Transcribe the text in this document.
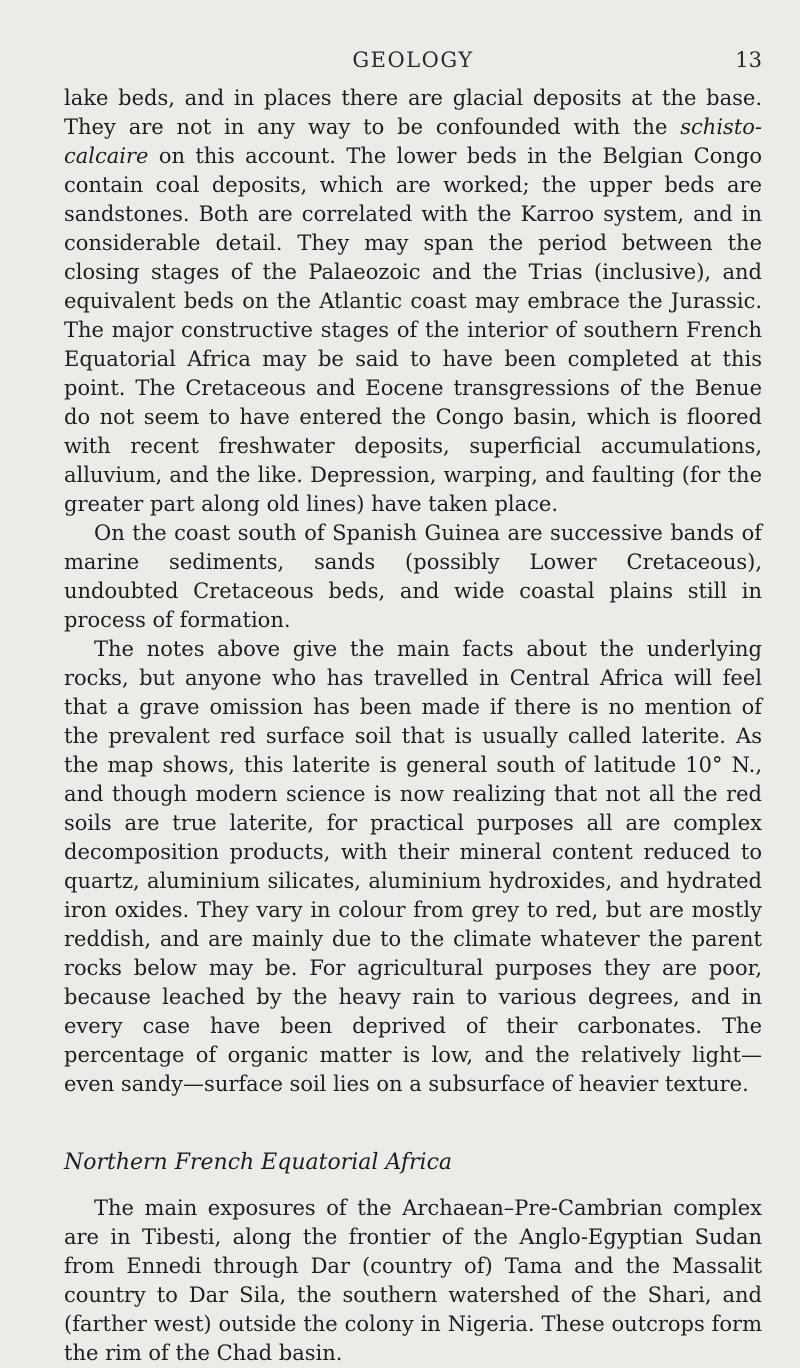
GEOLOGY	13

lake beds, and in places there are glacial deposits at the base. They are not in any way to be confounded with the schisto-calcaire on this account. The lower beds in the Belgian Congo contain coal deposits, which are worked; the upper beds are sandstones. Both are correlated with the Karroo system, and in considerable detail. They may span the period between the closing stages of the Palaeozoic and the Trias (inclusive), and equivalent beds on the Atlantic coast may embrace the Jurassic. The major constructive stages of the interior of southern French Equatorial Africa may be said to have been completed at this point. The Cretaceous and Eocene transgressions of the Benue do not seem to have entered the Congo basin, which is floored with recent freshwater deposits, superficial accumulations, alluvium, and the like. Depression, warping, and faulting (for the greater part along old lines) have taken place.

On the coast south of Spanish Guinea are successive bands of marine sediments, sands (possibly Lower Cretaceous), undoubted Cretaceous beds, and wide coastal plains still in process of formation.

The notes above give the main facts about the underlying rocks, but anyone who has travelled in Central Africa will feel that a grave omission has been made if there is no mention of the prevalent red surface soil that is usually called laterite. As the map shows, this laterite is general south of latitude 10° N., and though modern science is now realizing that not all the red soils are true laterite, for practical purposes all are complex decomposition products, with their mineral content reduced to quartz, aluminium silicates, aluminium hydroxides, and hydrated iron oxides. They vary in colour from grey to red, but are mostly reddish, and are mainly due to the climate whatever the parent rocks below may be. For agricultural purposes they are poor, because leached by the heavy rain to various degrees, and in every case have been deprived of their carbonates. The percentage of organic matter is low, and the relatively light—even sandy—surface soil lies on a subsurface of heavier texture.

Northern French Equatorial Africa

The main exposures of the Archaean–Pre-Cambrian complex are in Tibesti, along the frontier of the Anglo-Egyptian Sudan from Ennedi through Dar (country of) Tama and the Massalit country to Dar Sila, the southern watershed of the Shari, and (farther west) outside the colony in Nigeria. These outcrops form the rim of the Chad basin.
